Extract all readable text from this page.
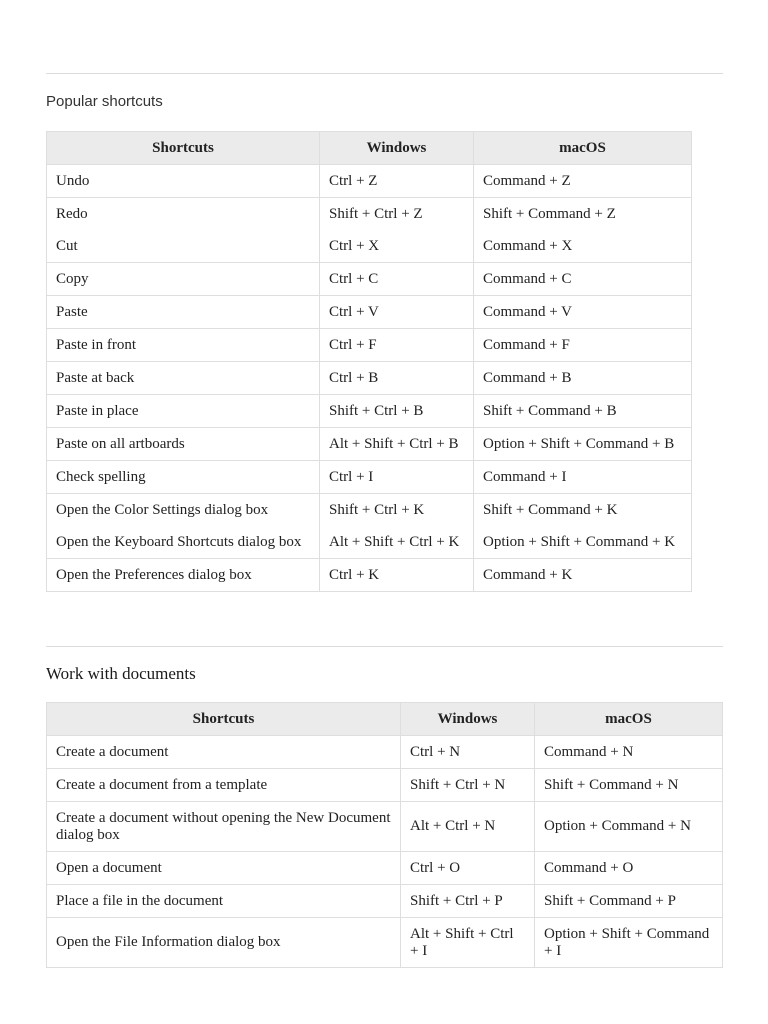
Popular shortcuts
Shortcuts	Windows	macOS
Undo	Ctrl + Z	Command + Z
Redo	Shift + Ctrl + Z	Shift + Command + Z
Cut	Ctrl + X	Command + X
Copy	Ctrl + C	Command + C
Paste	Ctrl + V	Command + V
Paste in front	Ctrl + F	Command + F
Paste at back	Ctrl + B	Command + B
Paste in place	Shift + Ctrl + B	Shift + Command + B
Paste on all artboards	Alt + Shift + Ctrl + B	Option + Shift + Command + B
Check spelling	Ctrl + I	Command + I
Open the Color Settings dialog box	Shift + Ctrl + K	Shift + Command + K
Open the Keyboard Shortcuts dialog box	Alt + Shift + Ctrl + K	Option + Shift + Command + K
Open the Preferences dialog box	Ctrl + K	Command + K
Work with documents
Shortcuts	Windows	macOS
Create a document	Ctrl + N	Command + N
Create a document from a template	Shift + Ctrl + N	Shift + Command + N
Create a document without opening the New Document dialog box	Alt + Ctrl + N	Option + Command + N
Open a document	Ctrl + O	Command + O
Place a file in the document	Shift + Ctrl + P	Shift + Command + P
Open the File Information dialog box	Alt + Shift + Ctrl + I	Option + Shift + Command + I
